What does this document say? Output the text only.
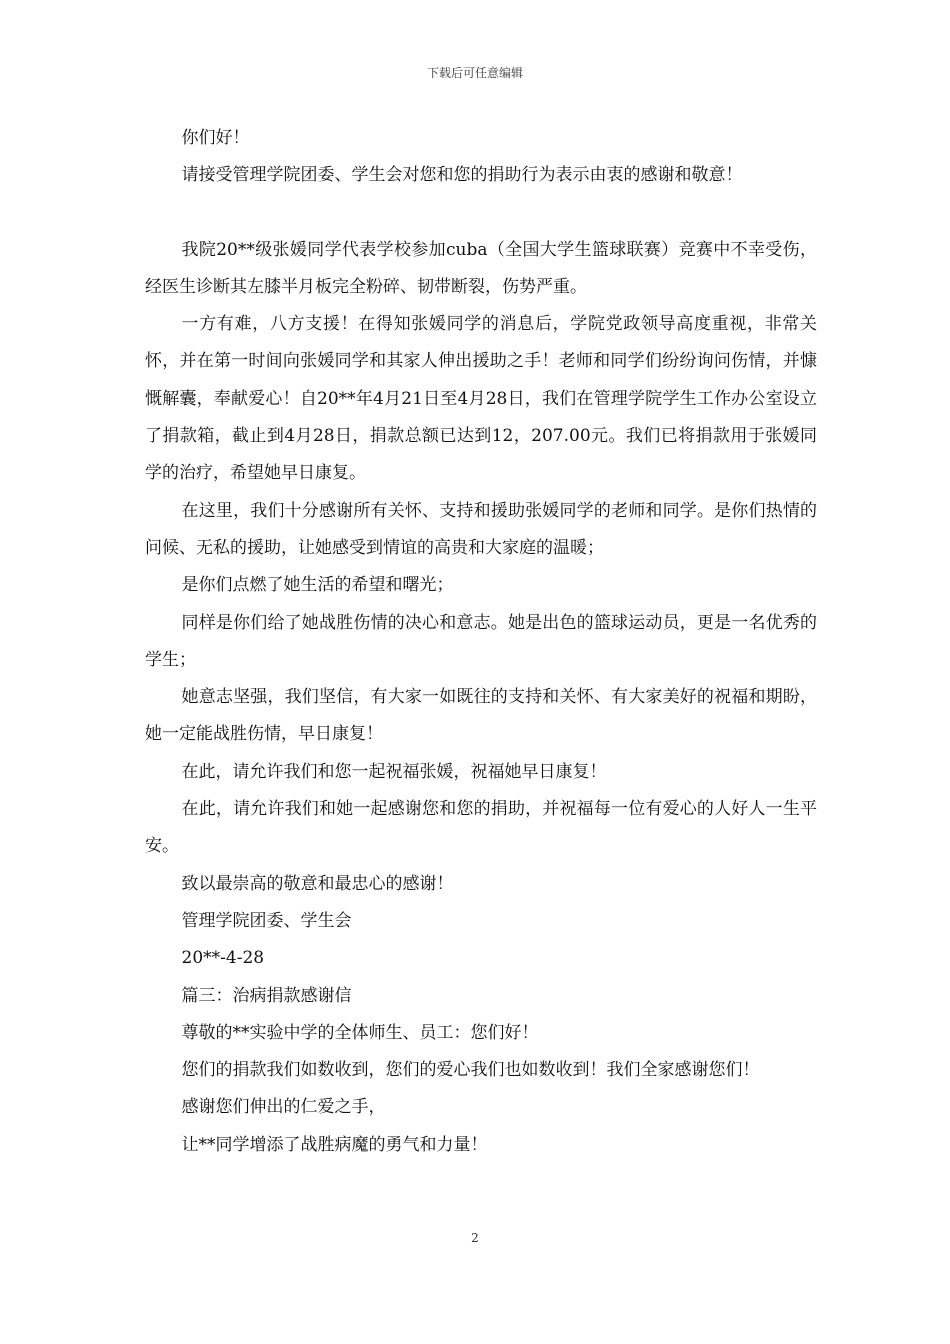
下载后可任意编辑

你们好！

请接受管理学院团委、学生会对您和您的捐助行为表示由衷的感谢和敬意！

我院20**级张媛同学代表学校参加cuba（全国大学生篮球联赛）竞赛中不幸受伤，经医生诊断其左膝半月板完全粉碎、韧带断裂，伤势严重。

一方有难，八方支援！在得知张媛同学的消息后，学院党政领导高度重视，非常关怀，并在第一时间向张媛同学和其家人伸出援助之手！老师和同学们纷纷询问伤情，并慷慨解囊，奉献爱心！自20**年4月21日至4月28日，我们在管理学院学生工作办公室设立了捐款箱，截止到4月28日，捐款总额已达到12，207.00元。我们已将捐款用于张媛同学的治疗，希望她早日康复。

在这里，我们十分感谢所有关怀、支持和援助张媛同学的老师和同学。是你们热情的问候、无私的援助，让她感受到情谊的高贵和大家庭的温暖；

是你们点燃了她生活的希望和曙光；

同样是你们给了她战胜伤情的决心和意志。她是出色的篮球运动员，更是一名优秀的学生；

她意志坚强，我们坚信，有大家一如既往的支持和关怀、有大家美好的祝福和期盼，她一定能战胜伤情，早日康复！

在此，请允许我们和您一起祝福张媛，祝福她早日康复！

在此，请允许我们和她一起感谢您和您的捐助，并祝福每一位有爱心的人好人一生平安。

致以最崇高的敬意和最忠心的感谢！

管理学院团委、学生会

20**-4-28

篇三：治病捐款感谢信

尊敬的**实验中学的全体师生、员工：您们好！

您们的捐款我们如数收到，您们的爱心我们也如数收到！我们全家感谢您们！

感谢您们伸出的仁爱之手，

让**同学增添了战胜病魔的勇气和力量！

2
